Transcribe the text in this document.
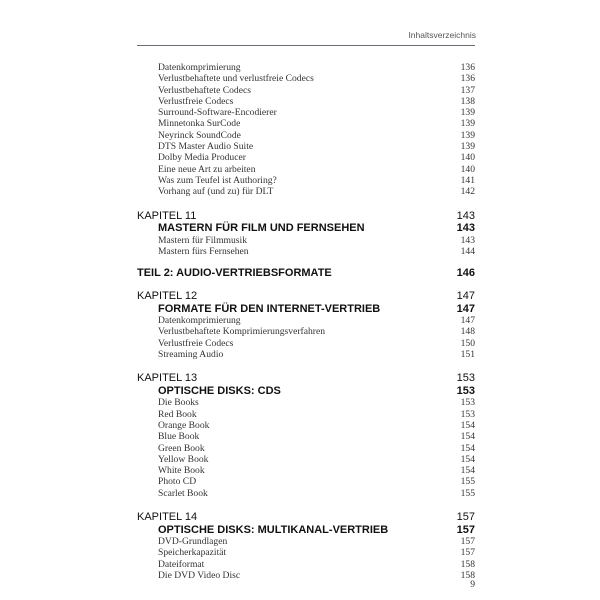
Inhaltsverzeichnis
Datenkomprimierung	136
Verlustbehaftete und verlustfreie Codecs	136
Verlustbehaftete Codecs	137
Verlustfreie Codecs	138
Surround-Software-Encodierer	139
Minnetonka SurCode	139
Neyrinck SoundCode	139
DTS Master Audio Suite	139
Dolby Media Producer	140
Eine neue Art zu arbeiten	140
Was zum Teufel ist Authoring?	141
Vorhang auf (und zu) für DLT	142
KAPITEL 11	143
MASTERN FÜR FILM UND FERNSEHEN	143
Mastern für Filmmusik	143
Mastern fürs Fernsehen	144
TEIL 2: AUDIO-VERTRIEBSFORMATE	146
KAPITEL 12	147
FORMATE FÜR DEN INTERNET-VERTRIEB	147
Datenkomprimierung	147
Verlustbehaftete Komprimierungsverfahren	148
Verlustfreie Codecs	150
Streaming Audio	151
KAPITEL 13	153
OPTISCHE DISKS: CDS	153
Die Books	153
Red Book	153
Orange Book	154
Blue Book	154
Green Book	154
Yellow Book	154
White Book	154
Photo CD	155
Scarlet Book	155
KAPITEL 14	157
OPTISCHE DISKS: MULTIKANAL-VERTRIEB	157
DVD-Grundlagen	157
Speicherkapazität	157
Dateiformat	158
Die DVD Video Disc	158
9
